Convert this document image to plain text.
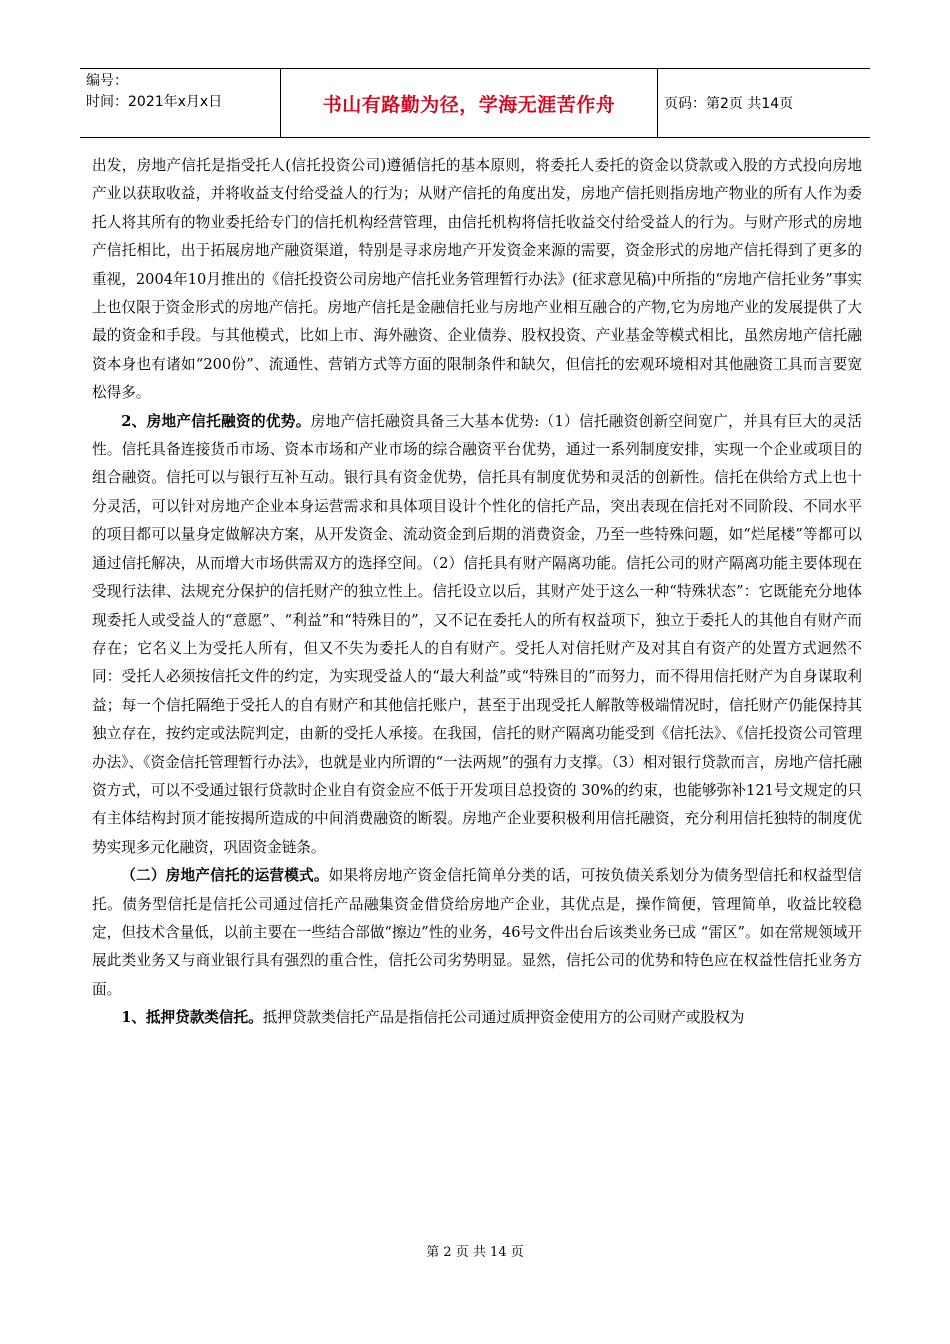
编号：
时间：2021年x月x日	书山有路勤为径，学海无涯苦作舟	页码：第2页 共14页

出发，房地产信托是指受托人(信托投资公司)遵循信托的基本原则，将委托人委托的资金以贷款或入股的方式投向房地产业以获取收益，并将收益支付给受益人的行为；从财产信托的角度出发，房地产信托则指房地产物业的所有人作为委托人将其所有的物业委托给专门的信托机构经营管理，由信托机构将信托收益交付给受益人的行为。与财产形式的房地产信托相比，出于拓展房地产融资渠道，特别是寻求房地产开发资金来源的需要，资金形式的房地产信托得到了更多的重视，2004年10月推出的《信托投资公司房地产信托业务管理暂行办法》(征求意见稿)中所指的“房地产信托业务”事实上也仅限于资金形式的房地产信托。房地产信托是金融信托业与房地产业相互融合的产物,它为房地产业的发展提供了大最的资金和手段。与其他模式，比如上市、海外融资、企业债券、股权投资、产业基金等模式相比，虽然房地产信托融资本身也有诸如“200份”、流通性、营销方式等方面的限制条件和缺欠，但信托的宏观环境相对其他融资工具而言要宽松得多。

2、房地产信托融资的优势。房地产信托融资具备三大基本优势:（1）信托融资创新空间宽广，并具有巨大的灵活性。信托具备连接货币市场、资本市场和产业市场的综合融资平台优势，通过一系列制度安排，实现一个企业或项目的组合融资。信托可以与银行互补互动。银行具有资金优势，信托具有制度优势和灵活的创新性。信托在供给方式上也十分灵活，可以针对房地产企业本身运营需求和具体项目设计个性化的信托产品，突出表现在信托对不同阶段、不同水平的项目都可以量身定做解决方案，从开发资金、流动资金到后期的消费资金，乃至一些特殊问题，如“烂尾楼”等都可以通过信托解决，从而增大市场供需双方的选择空间。（2）信托具有财产隔离功能。信托公司的财产隔离功能主要体现在受现行法律、法规充分保护的信托财产的独立性上。信托设立以后，其财产处于这么一种“特殊状态”：它既能充分地体现委托人或受益人的“意愿”、“利益”和“特殊目的”，又不记在委托人的所有权益项下，独立于委托人的其他自有财产而存在；它名义上为受托人所有，但又不失为委托人的自有财产。受托人对信托财产及对其自有资产的处置方式迥然不同：受托人必须按信托文件的约定，为实现受益人的“最大利益”或“特殊目的”而努力，而不得用信托财产为自身谋取利益；每一个信托隔绝于受托人的自有财产和其他信托账户，甚至于出现受托人解散等极端情况时，信托财产仍能保持其独立存在，按约定或法院判定，由新的受托人承接。在我国，信托的财产隔离功能受到《信托法》、《信托投资公司管理办法》、《资金信托管理暂行办法》，也就是业内所谓的“一法两规”的强有力支撑。（3）相对银行贷款而言，房地产信托融资方式，可以不受通过银行贷款时企业自有资金应不低于开发项目总投资的 30%的约束，也能够弥补121号文规定的只有主体结构封顶才能按揭所造成的中间消费融资的断裂。房地产企业要积极利用信托融资，充分利用信托独特的制度优势实现多元化融资，巩固资金链条。

（二）房地产信托的运营模式。如果将房地产资金信托简单分类的话，可按负债关系划分为债务型信托和权益型信托。债务型信托是信托公司通过信托产品融集资金借贷给房地产企业，其优点是，操作简便，管理简单，收益比较稳定，但技术含量低，以前主要在一些结合部做“擦边”性的业务，46号文件出台后该类业务已成 “雷区”。如在常规领域开展此类业务又与商业银行具有强烈的重合性，信托公司劣势明显。显然，信托公司的优势和特色应在权益性信托业务方面。

1、抵押贷款类信托。抵押贷款类信托产品是指信托公司通过质押资金使用方的公司财产或股权为

第 2 页 共 14 页
